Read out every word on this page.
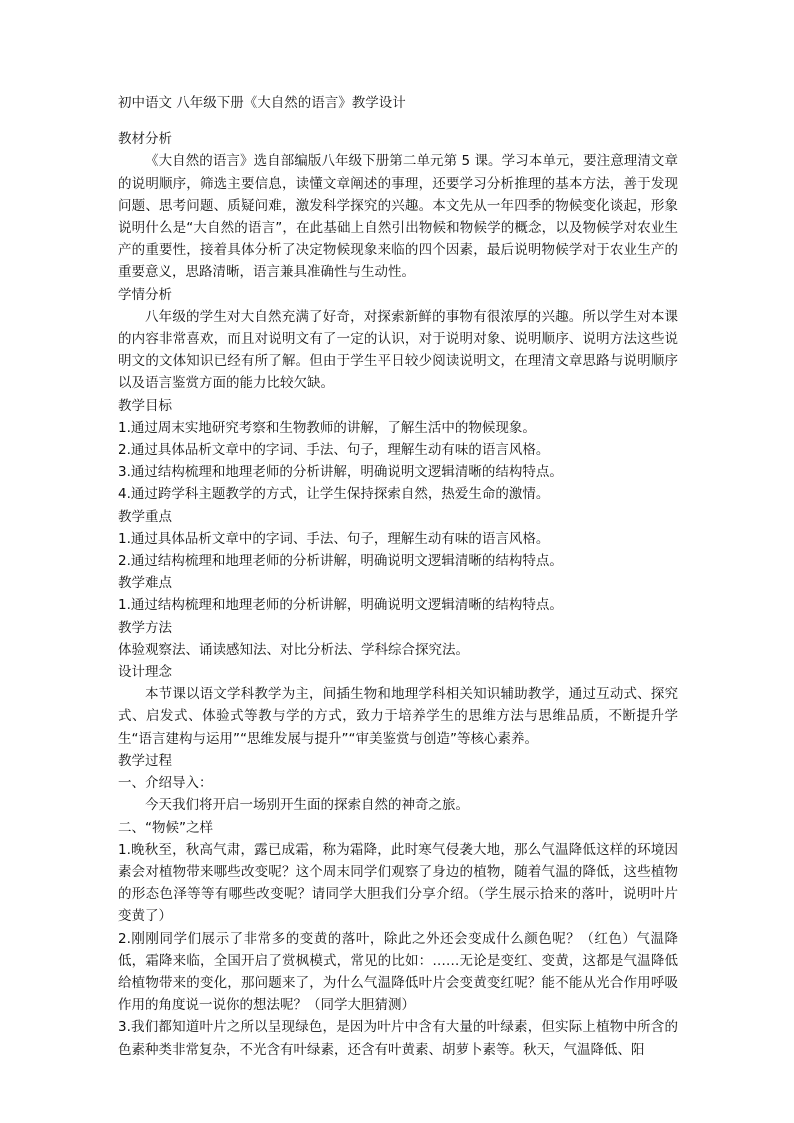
初中语文 八年级下册《大自然的语言》教学设计

教材分析

《大自然的语言》选自部编版八年级下册第二单元第 5 课。学习本单元，要注意理清文章的说明顺序，筛选主要信息，读懂文章阐述的事理，还要学习分析推理的基本方法，善于发现问题、思考问题、质疑问难，激发科学探究的兴趣。本文先从一年四季的物候变化谈起，形象说明什么是“大自然的语言”，在此基础上自然引出物候和物候学的概念，以及物候学对农业生产的重要性，接着具体分析了决定物候现象来临的四个因素，最后说明物候学对于农业生产的重要意义，思路清晰，语言兼具准确性与生动性。

学情分析

八年级的学生对大自然充满了好奇，对探索新鲜的事物有很浓厚的兴趣。所以学生对本课的内容非常喜欢，而且对说明文有了一定的认识，对于说明对象、说明顺序、说明方法这些说明文的文体知识已经有所了解。但由于学生平日较少阅读说明文，在理清文章思路与说明顺序以及语言鉴赏方面的能力比较欠缺。

教学目标

1.通过周末实地研究考察和生物教师的讲解，了解生活中的物候现象。

2.通过具体品析文章中的字词、手法、句子，理解生动有味的语言风格。

3.通过结构梳理和地理老师的分析讲解，明确说明文逻辑清晰的结构特点。

4.通过跨学科主题教学的方式，让学生保持探索自然，热爱生命的激情。

教学重点

1.通过具体品析文章中的字词、手法、句子，理解生动有味的语言风格。

2.通过结构梳理和地理老师的分析讲解，明确说明文逻辑清晰的结构特点。

教学难点

1.通过结构梳理和地理老师的分析讲解，明确说明文逻辑清晰的结构特点。

教学方法

体验观察法、诵读感知法、对比分析法、学科综合探究法。

设计理念

本节课以语文学科教学为主，间插生物和地理学科相关知识辅助教学，通过互动式、探究式、启发式、体验式等教与学的方式，致力于培养学生的思维方法与思维品质，不断提升学生“语言建构与运用”“思维发展与提升”“审美鉴赏与创造”等核心素养。

教学过程

一、介绍导入：

今天我们将开启一场别开生面的探索自然的神奇之旅。

二、“物候”之样

1.晚秋至，秋高气肃，露已成霜，称为霜降，此时寒气侵袭大地，那么气温降低这样的环境因素会对植物带来哪些改变呢？这个周末同学们观察了身边的植物，随着气温的降低，这些植物的形态色泽等等有哪些改变呢？请同学大胆我们分享介绍。（学生展示拾来的落叶，说明叶片变黄了）

2.刚刚同学们展示了非常多的变黄的落叶，除此之外还会变成什么颜色呢？（红色）气温降低，霜降来临，全国开启了赏枫模式，常见的比如：……无论是变红、变黄，这都是气温降低给植物带来的变化，那问题来了，为什么气温降低叶片会变黄变红呢？能不能从光合作用呼吸作用的角度说一说你的想法呢？（同学大胆猜测）

3.我们都知道叶片之所以呈现绿色，是因为叶片中含有大量的叶绿素，但实际上植物中所含的色素种类非常复杂，不光含有叶绿素，还含有叶黄素、胡萝卜素等。秋天，气温降低、阳
